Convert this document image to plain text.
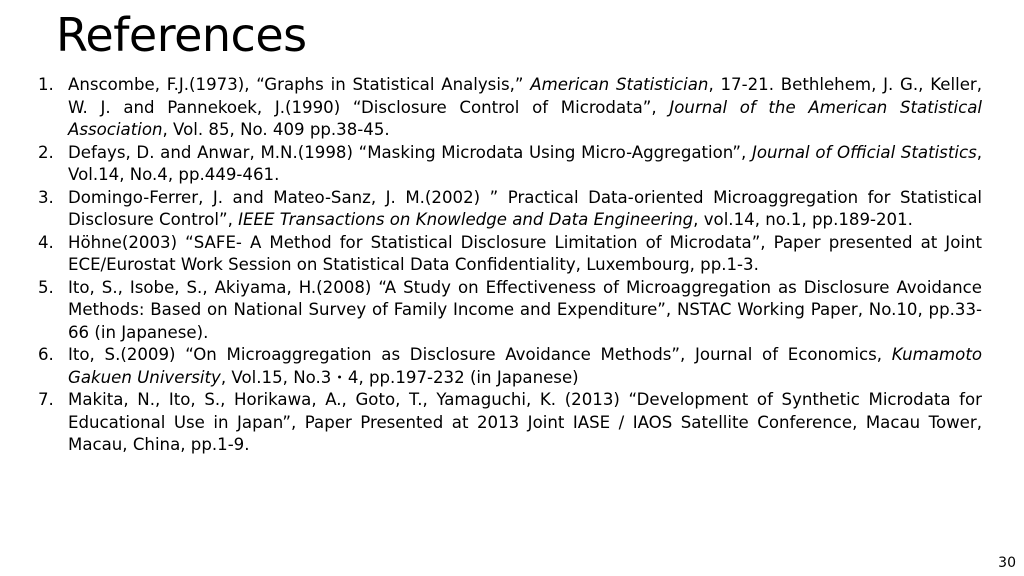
References
1. Anscombe, F.J.(1973), “Graphs in Statistical Analysis,” American Statistician, 17-21. Bethlehem, J. G., Keller, W. J. and Pannekoek, J.(1990) “Disclosure Control of Microdata”, Journal of the American Statistical Association, Vol. 85, No. 409 pp.38-45.
2. Defays, D. and Anwar, M.N.(1998) “Masking Microdata Using Micro-Aggregation”, Journal of Official Statistics, Vol.14, No.4, pp.449-461.
3. Domingo-Ferrer, J. and Mateo-Sanz, J. M.(2002) ” Practical Data-oriented Microaggregation for Statistical Disclosure Control”, IEEE Transactions on Knowledge and Data Engineering, vol.14, no.1, pp.189-201.
4. Höhne(2003) “SAFE- A Method for Statistical Disclosure Limitation of Microdata”, Paper presented at Joint ECE/Eurostat Work Session on Statistical Data Confidentiality, Luxembourg, pp.1-3.
5. Ito, S., Isobe, S., Akiyama, H.(2008) “A Study on Effectiveness of Microaggregation as Disclosure Avoidance Methods: Based on National Survey of Family Income and Expenditure”, NSTAC Working Paper, No.10, pp.33-66 (in Japanese).
6. Ito, S.(2009) “On Microaggregation as Disclosure Avoidance Methods”, Journal of Economics, Kumamoto Gakuen University, Vol.15, No.3・4, pp.197-232 (in Japanese)
7. Makita, N., Ito, S., Horikawa, A., Goto, T., Yamaguchi, K. (2013) “Development of Synthetic Microdata for Educational Use in Japan”, Paper Presented at 2013 Joint IASE / IAOS Satellite Conference, Macau Tower, Macau, China, pp.1-9.
30
